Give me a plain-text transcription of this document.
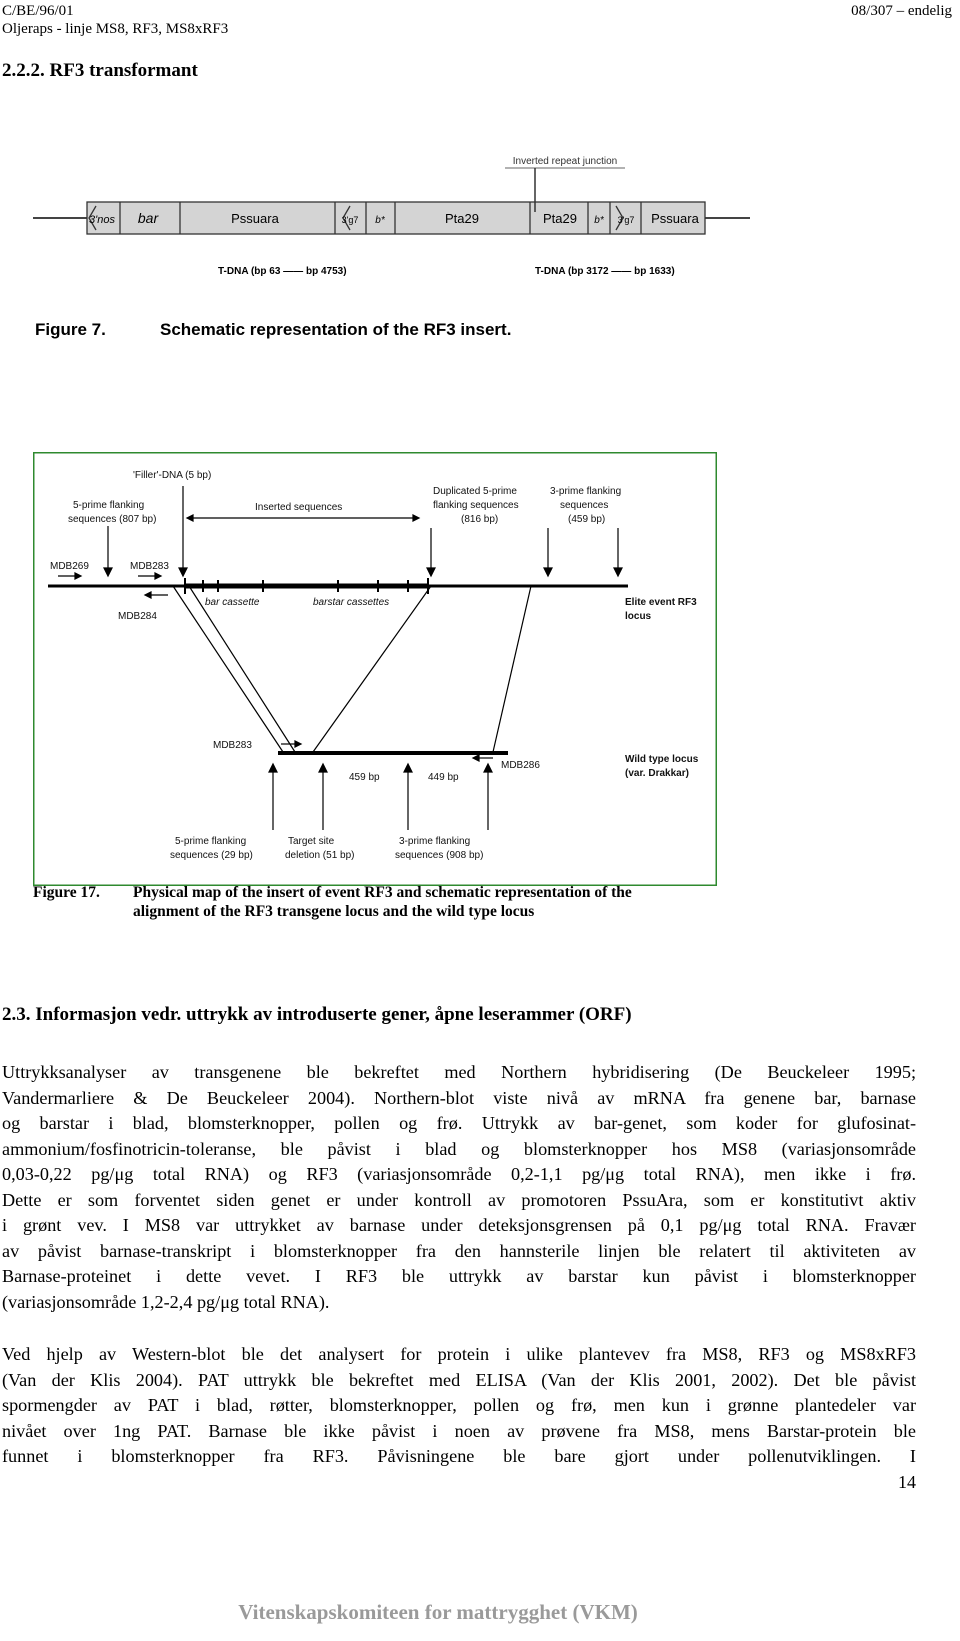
C/BE/96/01
Oljeraps - linje MS8, RF3, MS8xRF3
08/307 – endelig
2.2.2. RF3 transformant
Inverted repeat junction
3'nos bar	Pssuara	3'g7 b*	Pta29	Pta29 b* 3'g7 Pssuara
T-DNA (bp 63 —— bp 4753)	T-DNA (bp 3172 —— bp 1633)
Figure 7.	Schematic representation of the RF3 insert.
'Filler'-DNA (5 bp)
5-prime flanking
sequences (807 bp)
Inserted sequences
Duplicated 5-prime
flanking sequences
(816 bp)
3-prime flanking
sequences
(459 bp)
MDB269	MDB283
MDB284
bar cassette	barstar cassettes	Elite event RF3
locus
MDB283
MDB286
459 bp	449 bp
Wild type locus
(var. Drakkar)
5-prime flanking
sequences (29 bp)
Target site
deletion (51 bp)
3-prime flanking
sequences (908 bp)
Figure 17. Physical map of the insert of event RF3 and schematic representation of the
alignment of the RF3 transgene locus and the wild type locus
2.3. Informasjon vedr. uttrykk av introduserte gener, åpne leserammer (ORF)
Uttrykksanalyser av transgenene ble bekreftet med Northern hybridisering (De Beuckeleer 1995;
Vandermarliere & De Beuckeleer 2004). Northern-blot viste nivå av mRNA fra genene bar, barnase
og barstar i blad, blomsterknopper, pollen og frø. Uttrykk av bar-genet, som koder for glufosinat-
ammonium/fosfinotricin-toleranse, ble påvist i blad og blomsterknopper hos MS8 (variasjonsområde
0,03-0,22 pg/μg total RNA) og RF3 (variasjonsområde 0,2-1,1 pg/μg total RNA), men ikke i frø.
Dette er som forventet siden genet er under kontroll av promotoren PssuAra, som er konstitutivt aktiv
i grønt vev. I MS8 var uttrykket av barnase under deteksjonsgrensen på 0,1 pg/μg total RNA. Fravær
av påvist barnase-transkript i blomsterknopper fra den hannsterile linjen ble relatert til aktiviteten av
Barnase-proteinet i dette vevet. I RF3 ble uttrykk av barstar kun påvist i blomsterknopper
(variasjonsområde 1,2-2,4 pg/μg total RNA).
Ved hjelp av Western-blot ble det analysert for protein i ulike plantevev fra MS8, RF3 og MS8xRF3
(Van der Klis 2004). PAT uttrykk ble bekreftet med ELISA (Van der Klis 2001, 2002). Det ble påvist
spormengder av PAT i blad, røtter, blomsterknopper, pollen og frø, men kun i grønne plantedeler var
nivået over 1ng PAT. Barnase ble ikke påvist i noen av prøvene fra MS8, mens Barstar-protein ble
funnet i blomsterknopper fra RF3. Påvisningene ble bare gjort under pollenutviklingen. I
14
Vitenskapskomiteen for mattrygghet (VKM)
